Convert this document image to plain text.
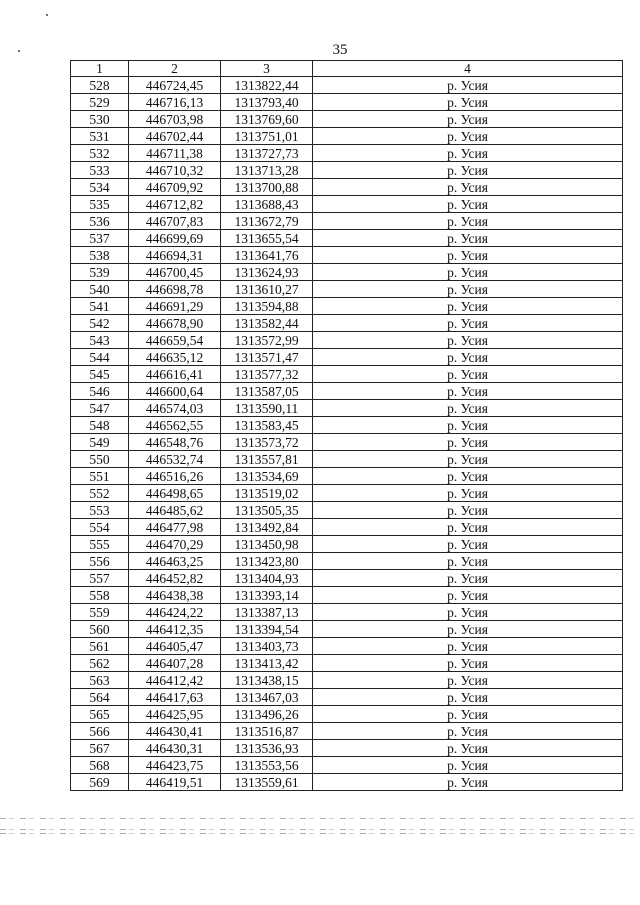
35
1	2	3	4
528	446724,45	1313822,44	р. Усия
529	446716,13	1313793,40	р. Усия
530	446703,98	1313769,60	р. Усия
531	446702,44	1313751,01	р. Усия
532	446711,38	1313727,73	р. Усия
533	446710,32	1313713,28	р. Усия
534	446709,92	1313700,88	р. Усия
535	446712,82	1313688,43	р. Усия
536	446707,83	1313672,79	р. Усия
537	446699,69	1313655,54	р. Усия
538	446694,31	1313641,76	р. Усия
539	446700,45	1313624,93	р. Усия
540	446698,78	1313610,27	р. Усия
541	446691,29	1313594,88	р. Усия
542	446678,90	1313582,44	р. Усия
543	446659,54	1313572,99	р. Усия
544	446635,12	1313571,47	р. Усия
545	446616,41	1313577,32	р. Усия
546	446600,64	1313587,05	р. Усия
547	446574,03	1313590,11	р. Усия
548	446562,55	1313583,45	р. Усия
549	446548,76	1313573,72	р. Усия
550	446532,74	1313557,81	р. Усия
551	446516,26	1313534,69	р. Усия
552	446498,65	1313519,02	р. Усия
553	446485,62	1313505,35	р. Усия
554	446477,98	1313492,84	р. Усия
555	446470,29	1313450,98	р. Усия
556	446463,25	1313423,80	р. Усия
557	446452,82	1313404,93	р. Усия
558	446438,38	1313393,14	р. Усия
559	446424,22	1313387,13	р. Усия
560	446412,35	1313394,54	р. Усия
561	446405,47	1313403,73	р. Усия
562	446407,28	1313413,42	р. Усия
563	446412,42	1313438,15	р. Усия
564	446417,63	1313467,03	р. Усия
565	446425,95	1313496,26	р. Усия
566	446430,41	1313516,87	р. Усия
567	446430,31	1313536,93	р. Усия
568	446423,75	1313553,56	р. Усия
569	446419,51	1313559,61	р. Усия
